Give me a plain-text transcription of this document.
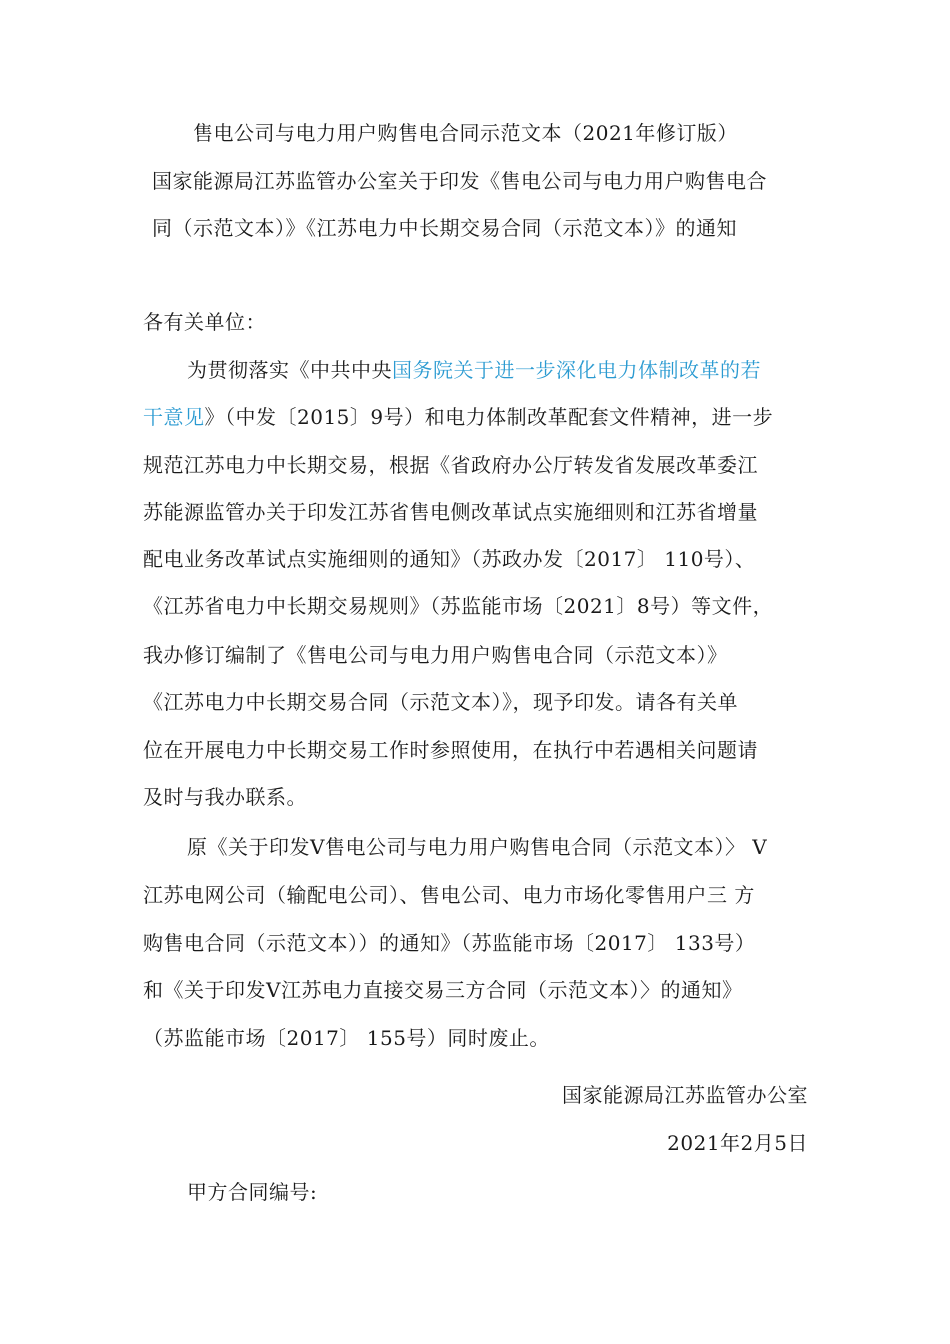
售电公司与电力用户购售电合同示范文本（2021年修订版）
国家能源局江苏监管办公室关于印发《售电公司与电力用户购售电合
同（示范文本）》《江苏电力中长期交易合同（示范文本）》的通知
各有关单位：
为贯彻落实《中共中央国务院关于进一步深化电力体制改革的若
干意见》（中发〔2015〕9号）和电力体制改革配套文件精神，进一步
规范江苏电力中长期交易，根据《省政府办公厅转发省发展改革委江
苏能源监管办关于印发江苏省售电侧改革试点实施细则和江苏省增量
配电业务改革试点实施细则的通知》（苏政办发〔2017〕 110号）、
《江苏省电力中长期交易规则》（苏监能市场〔2021〕8号）等文件，
我办修订编制了《售电公司与电力用户购售电合同（示范文本）》
《江苏电力中长期交易合同（示范文本）》，现予印发。请各有关单
位在开展电力中长期交易工作时参照使用，在执行中若遇相关问题请
及时与我办联系。
原《关于印发Ⅴ售电公司与电力用户购售电合同（示范文本）〉 Ⅴ
江苏电网公司（输配电公司）、售电公司、电力市场化零售用户三 方
购售电合同（示范文本））的通知》（苏监能市场〔2017〕 133号）
和《关于印发Ⅴ江苏电力直接交易三方合同（示范文本）〉的通知》
（苏监能市场〔2017〕 155号）同时废止。
国家能源局江苏监管办公室
2021年2月5日
甲方合同编号:
